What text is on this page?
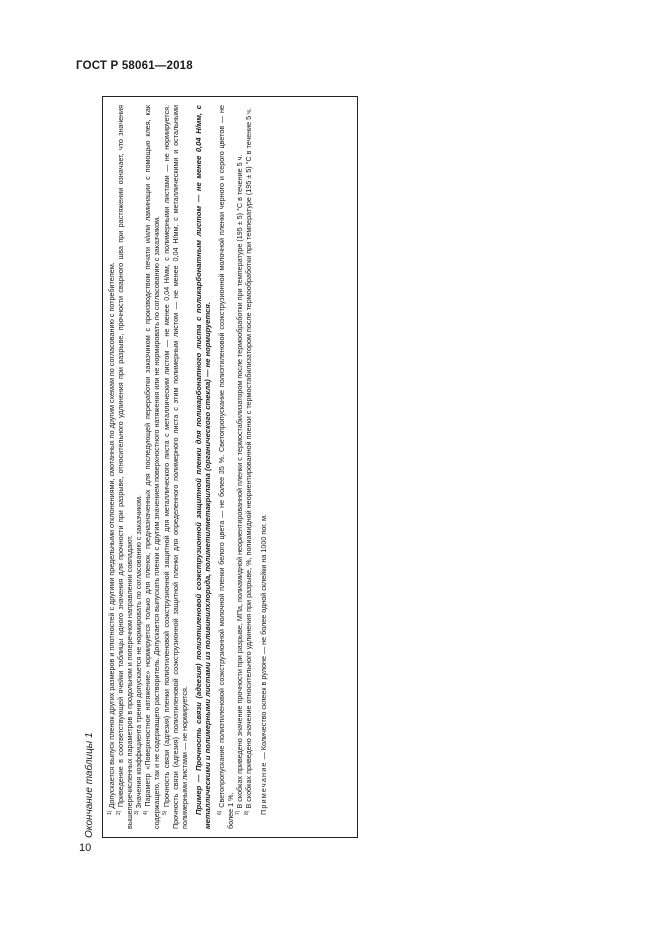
ГОСТ Р 58061—2018
Окончание таблицы 1	$^{1)}$ Допускается выпуск пленок других размеров и плотностей с другими предельными отклонениями, смотанных по другим схемам по согласованию с потребителем.

$^{2)}$ Приведение в соответствующей ячейки таблицы одного значения для прочности при разрыве, относительного удлинения при разрыве, прочности сварного шва при растяжении означает, что значения вышеперечисленных параметров в продольном и поперечном направлении совпадают. $^{3)}$ Значения коэффициента трения допускается не нормировать по согласованию с заказчиком.

$^{4)}$ Параметр «Поверхностное натяжение» нормируется только для пленок, предназначенных для последующей переработки заказчиком с производством печати и/или ламинации с помощью клея, как содержащего, так и не содержащего растворитель. Допускается выпускать пленки с другим значением поверхностного натяжения или не нормировать по согласованию с заказчиком. $^{5)}$ Прочность связи (адгезия) пленки полиэтиленовой соэкструзионной защитной для металлического листа с металлическим листом — не менее 0,04 Н/мм, с полимерными листами — не нормируется. Прочность связи (адгезия) полиэтиленовой соэкструзионной защитной пленки для определенного полимерного листа с этим полимерным листом — не менее 0,04 Н/мм, с металлическими и остальными полимерными листами — не нормируется. Пример — Прочность связи (адгезия) полиэтиленовой соэкструзионной защитной пленки для поликарбонатного листа с поликарбонатным листом — не менее 0,04 Н/мм, с металлическими и полимерными листами из поливинилхлорида, полиметилметакрилата (органического стекла) — не нормируется. $^{6)}$ Светопропускание полиэтиленовой соэкструзионной молочной пленки белого цвета — не более 35 %. Светопропускание полиэтиленовой соэкструзионной молочной пленки черного и серого цветов — не более 1 %. $^{7)}$ В скобках приведено значение прочности при разрыве, МПа, полиамидной неориентированной пленки с термостабилизатором после термообработки при температуре (195 ± 5) °С в течение 5 ч.

$^{8)}$ В скобках приведено значение относительного удлинения при разрыве, %, полиамидной неориентированной пленки с термостабилизатором после термообработки при температуре (195 ± 5) °С в течение 5 ч. Примечание — Количество склеек в рулоне — не более одной склейки на 1000 пог. м.

10
